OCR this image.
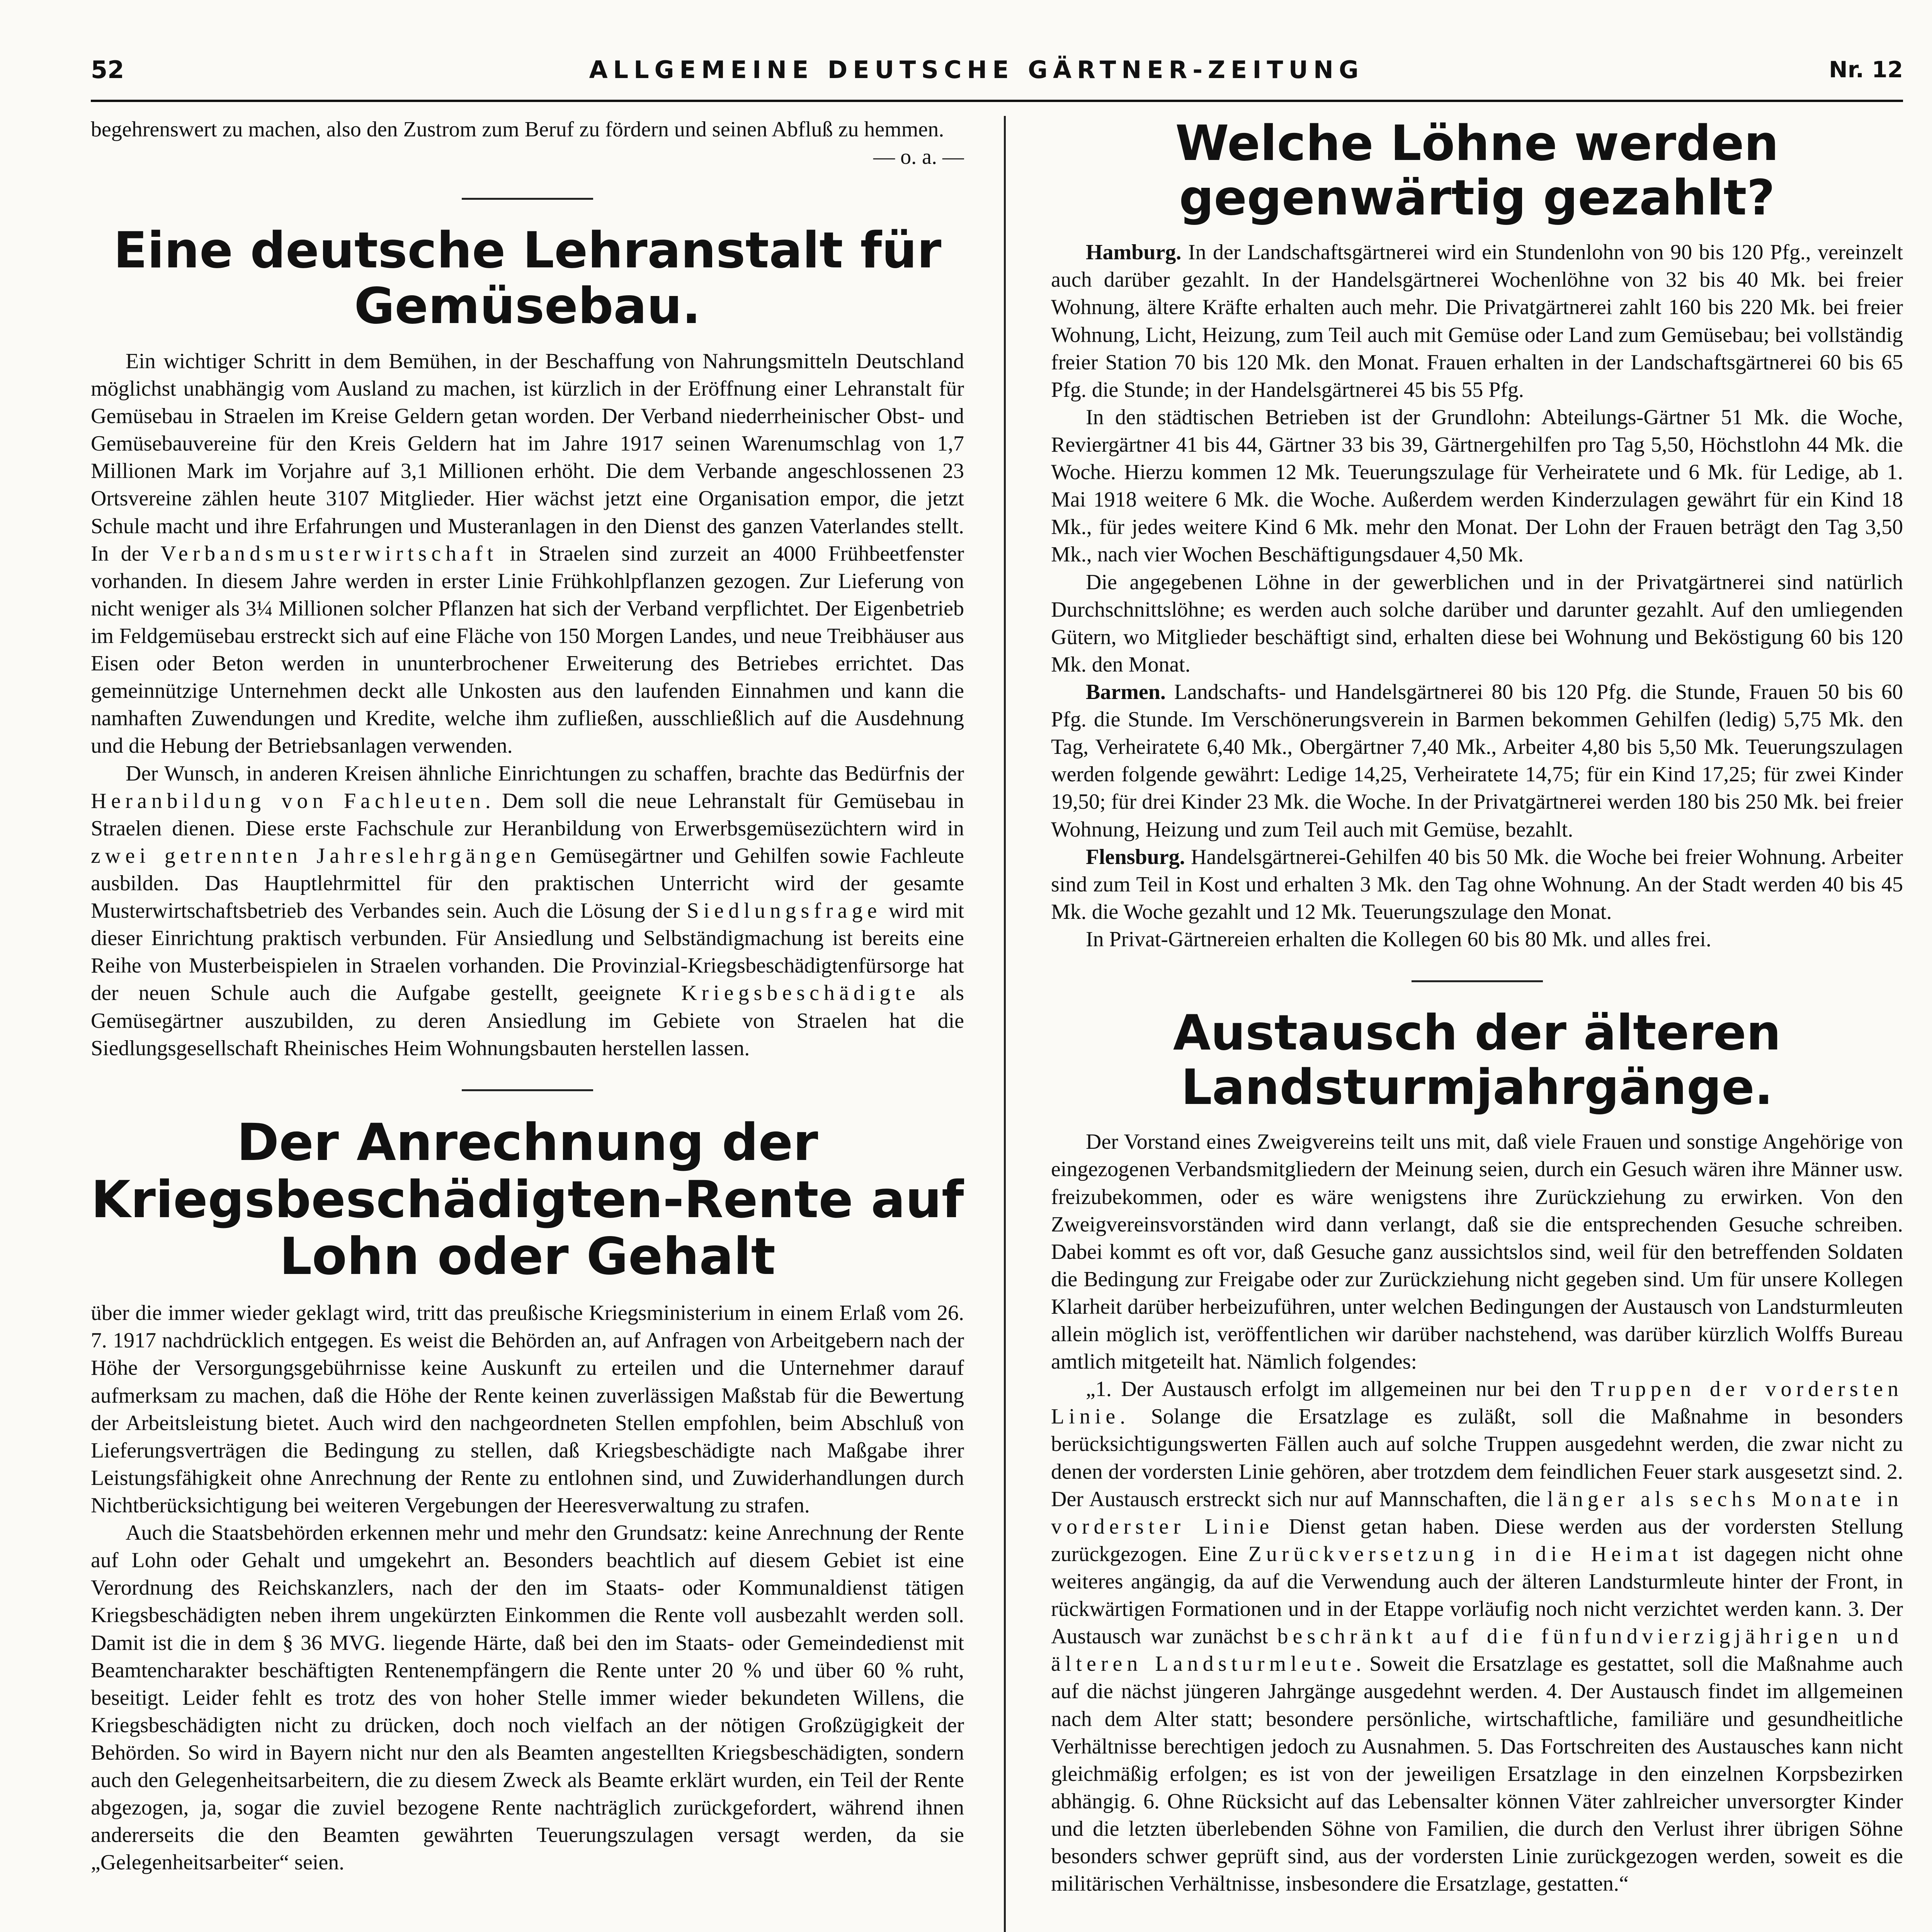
52	ALLGEMEINE DEUTSCHE GÄRTNER-ZEITUNG	Nr. 12

begehrenswert zu machen, also den Zustrom zum Beruf zu fördern und seinen Abfluß zu hemmen.

— o. a. —

Eine deutsche Lehranstalt für Gemüsebau.

Ein wichtiger Schritt in dem Bemühen, in der Beschaffung von Nahrungsmitteln Deutschland möglichst unabhängig vom Ausland zu machen, ist kürzlich in der Eröffnung einer Lehranstalt für Gemüsebau in Straelen im Kreise Geldern getan worden. Der Verband niederrheinischer Obst- und Gemüsebauvereine für den Kreis Geldern hat im Jahre 1917 seinen Warenumschlag von 1,7 Millionen Mark im Vorjahre auf 3,1 Millionen erhöht. Die dem Verbande angeschlossenen 23 Ortsvereine zählen heute 3107 Mitglieder. Hier wächst jetzt eine Organisation empor, die jetzt Schule macht und ihre Erfahrungen und Musteranlagen in den Dienst des ganzen Vaterlandes stellt. In der Verbandsmusterwirtschaft in Straelen sind zurzeit an 4000 Frühbeetfenster vorhanden. In diesem Jahre werden in erster Linie Frühkohlpflanzen gezogen. Zur Lieferung von nicht weniger als 3¼ Millionen solcher Pflanzen hat sich der Verband verpflichtet. Der Eigenbetrieb im Feldgemüsebau erstreckt sich auf eine Fläche von 150 Morgen Landes, und neue Treibhäuser aus Eisen oder Beton werden in ununterbrochener Erweiterung des Betriebes errichtet. Das gemeinnützige Unternehmen deckt alle Unkosten aus den laufenden Einnahmen und kann die namhaften Zuwendungen und Kredite, welche ihm zufließen, ausschließlich auf die Ausdehnung und die Hebung der Betriebsanlagen verwenden.

Der Wunsch, in anderen Kreisen ähnliche Einrichtungen zu schaffen, brachte das Bedürfnis der Heranbildung von Fachleuten. Dem soll die neue Lehranstalt für Gemüsebau in Straelen dienen. Diese erste Fachschule zur Heranbildung von Erwerbsgemüsezüchtern wird in zwei getrennten Jahreslehrgängen Gemüsegärtner und Gehilfen sowie Fachleute ausbilden. Das Hauptlehrmittel für den praktischen Unterricht wird der gesamte Musterwirtschaftsbetrieb des Verbandes sein. Auch die Lösung der Siedlungsfrage wird mit dieser Einrichtung praktisch verbunden. Für Ansiedlung und Selbständigmachung ist bereits eine Reihe von Musterbeispielen in Straelen vorhanden. Die Provinzial-Kriegsbeschädigtenfürsorge hat der neuen Schule auch die Aufgabe gestellt, geeignete Kriegsbeschädigte als Gemüsegärtner auszubilden, zu deren Ansiedlung im Gebiete von Straelen hat die Siedlungsgesellschaft Rheinisches Heim Wohnungsbauten herstellen lassen.

Der Anrechnung der Kriegsbeschädigten-Rente auf Lohn oder Gehalt

über die immer wieder geklagt wird, tritt das preußische Kriegsministerium in einem Erlaß vom 26. 7. 1917 nachdrücklich entgegen. Es weist die Behörden an, auf Anfragen von Arbeitgebern nach der Höhe der Versorgungsgebührnisse keine Auskunft zu erteilen und die Unternehmer darauf aufmerksam zu machen, daß die Höhe der Rente keinen zuverlässigen Maßstab für die Bewertung der Arbeitsleistung bietet. Auch wird den nachgeordneten Stellen empfohlen, beim Abschluß von Lieferungsverträgen die Bedingung zu stellen, daß Kriegsbeschädigte nach Maßgabe ihrer Leistungsfähigkeit ohne Anrechnung der Rente zu entlohnen sind, und Zuwiderhandlungen durch Nichtberücksichtigung bei weiteren Vergebungen der Heeresverwaltung zu strafen.

Auch die Staatsbehörden erkennen mehr und mehr den Grundsatz: keine Anrechnung der Rente auf Lohn oder Gehalt und umgekehrt an. Besonders beachtlich auf diesem Gebiet ist eine Verordnung des Reichskanzlers, nach der den im Staats- oder Kommunaldienst tätigen Kriegsbeschädigten neben ihrem ungekürzten Einkommen die Rente voll ausbezahlt werden soll. Damit ist die in dem § 36 MVG. liegende Härte, daß bei den im Staats- oder Gemeindedienst mit Beamtencharakter beschäftigten Rentenempfängern die Rente unter 20 % und über 60 % ruht, beseitigt. Leider fehlt es trotz des von hoher Stelle immer wieder bekundeten Willens, die Kriegsbeschädigten nicht zu drücken, doch noch vielfach an der nötigen Großzügigkeit der Behörden. So wird in Bayern nicht nur den als Beamten angestellten Kriegsbeschädigten, sondern auch den Gelegenheitsarbeitern, die zu diesem Zweck als Beamte erklärt wurden, ein Teil der Rente abgezogen, ja, sogar die zuviel bezogene Rente nachträglich zurückgefordert, während ihnen andererseits die den Beamten gewährten Teuerungszulagen versagt werden, da sie „Gelegenheitsarbeiter“ seien.

Welche Löhne werden gegenwärtig gezahlt?

Hamburg. In der Landschaftsgärtnerei wird ein Stundenlohn von 90 bis 120 Pfg., vereinzelt auch darüber gezahlt. In der Handelsgärtnerei Wochenlöhne von 32 bis 40 Mk. bei freier Wohnung, ältere Kräfte erhalten auch mehr. Die Privatgärtnerei zahlt 160 bis 220 Mk. bei freier Wohnung, Licht, Heizung, zum Teil auch mit Gemüse oder Land zum Gemüsebau; bei vollständig freier Station 70 bis 120 Mk. den Monat. Frauen erhalten in der Landschaftsgärtnerei 60 bis 65 Pfg. die Stunde; in der Handelsgärtnerei 45 bis 55 Pfg.

In den städtischen Betrieben ist der Grundlohn: Abteilungs-Gärtner 51 Mk. die Woche, Reviergärtner 41 bis 44, Gärtner 33 bis 39, Gärtnergehilfen pro Tag 5,50, Höchstlohn 44 Mk. die Woche. Hierzu kommen 12 Mk. Teuerungszulage für Verheiratete und 6 Mk. für Ledige, ab 1. Mai 1918 weitere 6 Mk. die Woche. Außerdem werden Kinderzulagen gewährt für ein Kind 18 Mk., für jedes weitere Kind 6 Mk. mehr den Monat. Der Lohn der Frauen beträgt den Tag 3,50 Mk., nach vier Wochen Beschäftigungsdauer 4,50 Mk.

Die angegebenen Löhne in der gewerblichen und in der Privatgärtnerei sind natürlich Durchschnittslöhne; es werden auch solche darüber und darunter gezahlt. Auf den umliegenden Gütern, wo Mitglieder beschäftigt sind, erhalten diese bei Wohnung und Beköstigung 60 bis 120 Mk. den Monat.

Barmen. Landschafts- und Handelsgärtnerei 80 bis 120 Pfg. die Stunde, Frauen 50 bis 60 Pfg. die Stunde. Im Verschönerungsverein in Barmen bekommen Gehilfen (ledig) 5,75 Mk. den Tag, Verheiratete 6,40 Mk., Obergärtner 7,40 Mk., Arbeiter 4,80 bis 5,50 Mk. Teuerungszulagen werden folgende gewährt: Ledige 14,25, Verheiratete 14,75; für ein Kind 17,25; für zwei Kinder 19,50; für drei Kinder 23 Mk. die Woche. In der Privatgärtnerei werden 180 bis 250 Mk. bei freier Wohnung, Heizung und zum Teil auch mit Gemüse, bezahlt.

Flensburg. Handelsgärtnerei-Gehilfen 40 bis 50 Mk. die Woche bei freier Wohnung. Arbeiter sind zum Teil in Kost und erhalten 3 Mk. den Tag ohne Wohnung. An der Stadt werden 40 bis 45 Mk. die Woche gezahlt und 12 Mk. Teuerungszulage den Monat.

In Privat-Gärtnereien erhalten die Kollegen 60 bis 80 Mk. und alles frei.

Austausch der älteren Landsturmjahrgänge.

Der Vorstand eines Zweigvereins teilt uns mit, daß viele Frauen und sonstige Angehörige von eingezogenen Verbandsmitgliedern der Meinung seien, durch ein Gesuch wären ihre Männer usw. freizubekommen, oder es wäre wenigstens ihre Zurückziehung zu erwirken. Von den Zweigvereinsvorständen wird dann verlangt, daß sie die entsprechenden Gesuche schreiben. Dabei kommt es oft vor, daß Gesuche ganz aussichtslos sind, weil für den betreffenden Soldaten die Bedingung zur Freigabe oder zur Zurückziehung nicht gegeben sind. Um für unsere Kollegen Klarheit darüber herbeizuführen, unter welchen Bedingungen der Austausch von Landsturmleuten allein möglich ist, veröffentlichen wir darüber nachstehend, was darüber kürzlich Wolffs Bureau amtlich mitgeteilt hat. Nämlich folgendes:

„1. Der Austausch erfolgt im allgemeinen nur bei den Truppen der vordersten Linie. Solange die Ersatzlage es zuläßt, soll die Maßnahme in besonders berücksichtigungswerten Fällen auch auf solche Truppen ausgedehnt werden, die zwar nicht zu denen der vordersten Linie gehören, aber trotzdem dem feindlichen Feuer stark ausgesetzt sind. 2. Der Austausch erstreckt sich nur auf Mannschaften, die länger als sechs Monate in vorderster Linie Dienst getan haben. Diese werden aus der vordersten Stellung zurückgezogen. Eine Zurückversetzung in die Heimat ist dagegen nicht ohne weiteres angängig, da auf die Verwendung auch der älteren Landsturmleute hinter der Front, in rückwärtigen Formationen und in der Etappe vorläufig noch nicht verzichtet werden kann. 3. Der Austausch war zunächst beschränkt auf die fünfundvierzigjährigen und älteren Landsturmleute. Soweit die Ersatzlage es gestattet, soll die Maßnahme auch auf die nächst jüngeren Jahrgänge ausgedehnt werden. 4. Der Austausch findet im allgemeinen nach dem Alter statt; besondere persönliche, wirtschaftliche, familiäre und gesundheitliche Verhältnisse berechtigen jedoch zu Ausnahmen. 5. Das Fortschreiten des Austausches kann nicht gleichmäßig erfolgen; es ist von der jeweiligen Ersatzlage in den einzelnen Korpsbezirken abhängig. 6. Ohne Rücksicht auf das Lebensalter können Väter zahlreicher unversorgter Kinder und die letzten überlebenden Söhne von Familien, die durch den Verlust ihrer übrigen Söhne besonders schwer geprüft sind, aus der vordersten Linie zurückgezogen werden, soweit es die militärischen Verhältnisse, insbesondere die Ersatzlage, gestatten.“
